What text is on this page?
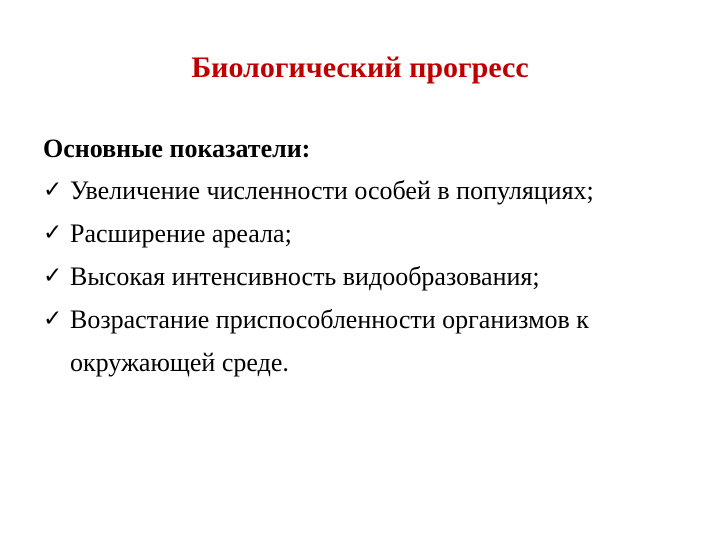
Биологический прогресс

Основные показатели:

✓ Увеличение численности особей в популяциях;
✓ Расширение ареала;
✓ Высокая интенсивность видообразования;
✓ Возрастание приспособленности организмов к окружающей среде.
